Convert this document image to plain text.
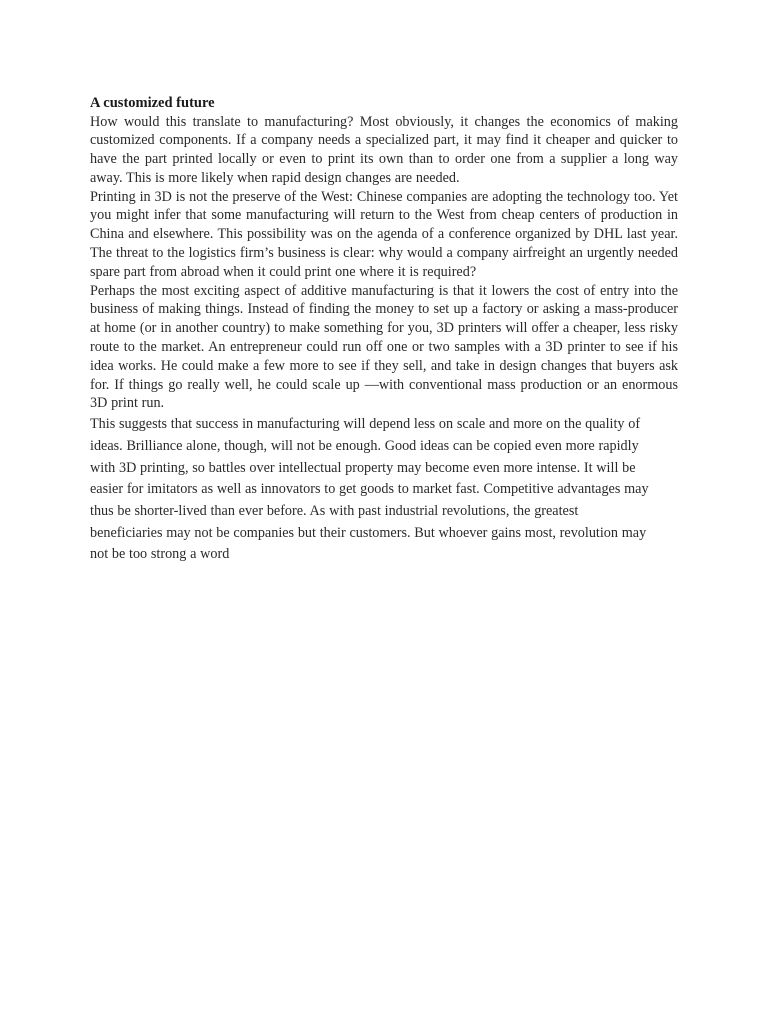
A customized future

How would this translate to manufacturing? Most obviously, it changes the economics of making customized components. If a company needs a specialized part, it may find it cheaper and quicker to have the part printed locally or even to print its own than to order one from a supplier a long way away. This is more likely when rapid design changes are needed.

Printing in 3D is not the preserve of the West: Chinese companies are adopting the technology too. Yet you might infer that some manufacturing will return to the West from cheap centers of production in China and elsewhere. This possibility was on the agenda of a conference organized by DHL last year. The threat to the logistics firm’s business is clear: why would a company airfreight an urgently needed spare part from abroad when it could print one where it is required?

Perhaps the most exciting aspect of additive manufacturing is that it lowers the cost of entry into the business of making things. Instead of finding the money to set up a factory or asking a mass-producer at home (or in another country) to make something for you, 3D printers will offer a cheaper, less risky route to the market. An entrepreneur could run off one or two samples with a 3D printer to see if his idea works. He could make a few more to see if they sell, and take in design changes that buyers ask for. If things go really well, he could scale up —with conventional mass production or an enormous 3D print run.

This suggests that success in manufacturing will depend less on scale and more on the quality of ideas. Brilliance alone, though, will not be enough. Good ideas can be copied even more rapidly with 3D printing, so battles over intellectual property may become even more intense. It will be easier for imitators as well as innovators to get goods to market fast. Competitive advantages may thus be shorter-lived than ever before. As with past industrial revolutions, the greatest beneficiaries may not be companies but their customers. But whoever gains most, revolution may not be too strong a word
